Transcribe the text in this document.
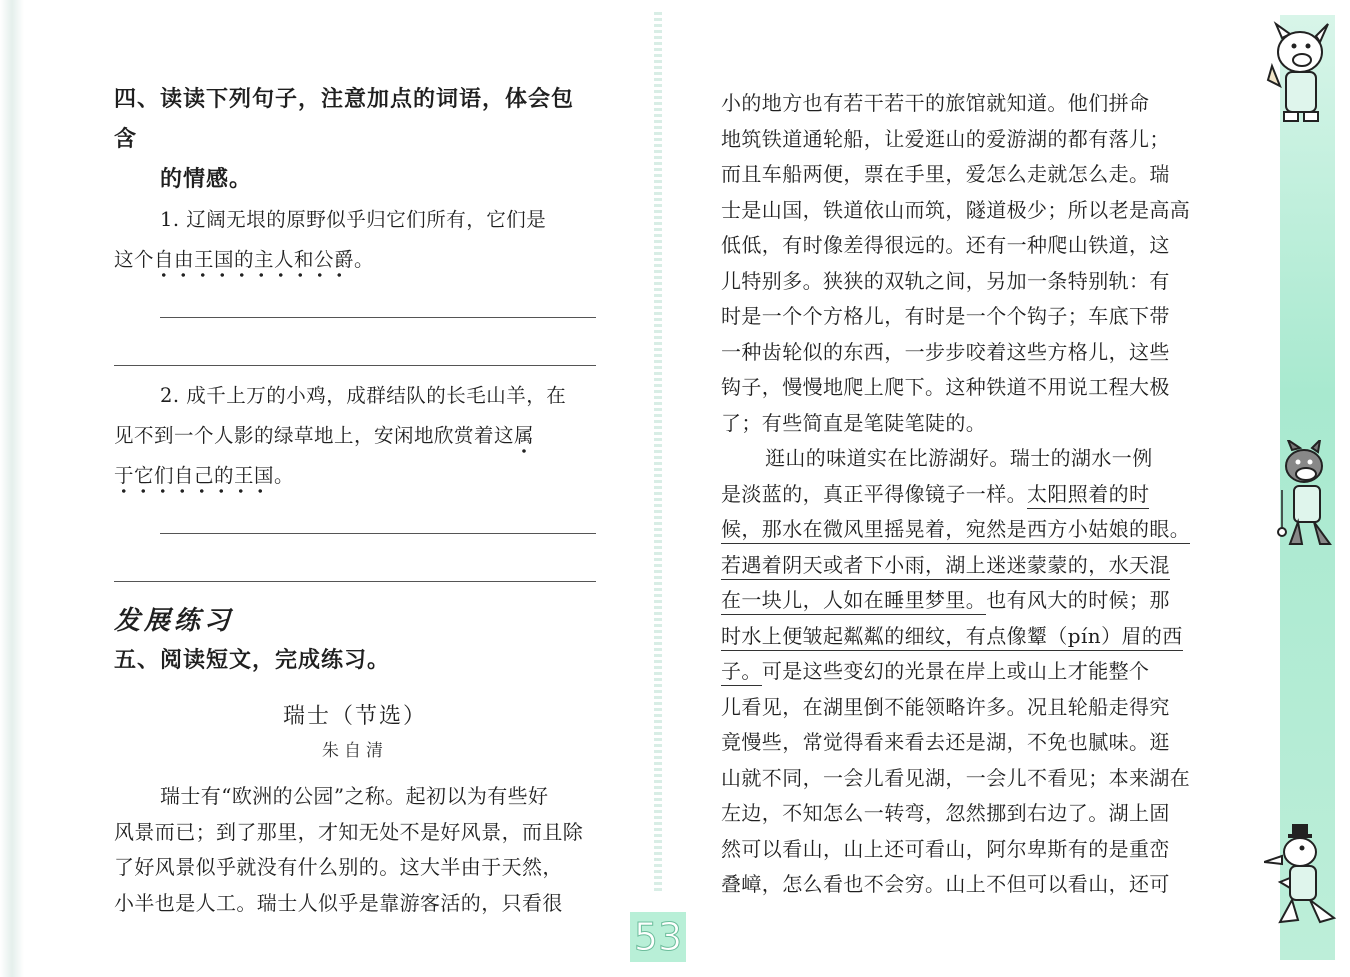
四、读读下列句子，注意加点的词语，体会包含
的情感。
1. 辽阔无垠的原野似乎归它们所有，它们是
这个自由王国的主人和公爵。
2. 成千上万的小鸡，成群结队的长毛山羊，在
见不到一个人影的绿草地上，安闲地欣赏着这属
于它们自己的王国。
发展练习
五、阅读短文，完成练习。
瑞士（节选）
朱自清
瑞士有“欧洲的公园”之称。起初以为有些好
风景而已；到了那里，才知无处不是好风景，而且除
了好风景似乎就没有什么别的。这大半由于天然，
小半也是人工。瑞士人似乎是靠游客活的，只看很
小的地方也有若干若干的旅馆就知道。他们拼命
地筑铁道通轮船，让爱逛山的爱游湖的都有落儿；
而且车船两便，票在手里，爱怎么走就怎么走。瑞
士是山国，铁道依山而筑，隧道极少；所以老是高高
低低，有时像差得很远的。还有一种爬山铁道，这
儿特别多。狭狭的双轨之间，另加一条特别轨：有
时是一个个方格儿，有时是一个个钩子；车底下带
一种齿轮似的东西，一步步咬着这些方格儿，这些
钩子，慢慢地爬上爬下。这种铁道不用说工程大极
了；有些简直是笔陡笔陡的。
逛山的味道实在比游湖好。瑞士的湖水一例
是淡蓝的，真正平得像镜子一样。太阳照着的时
候，那水在微风里摇晃着，宛然是西方小姑娘的眼。
若遇着阴天或者下小雨，湖上迷迷蒙蒙的，水天混
在一块儿，人如在睡里梦里。也有风大的时候；那
时水上便皱起粼粼的细纹，有点像颦（pín）眉的西
子。可是这些变幻的光景在岸上或山上才能整个
儿看见，在湖里倒不能领略许多。况且轮船走得究
竟慢些，常觉得看来看去还是湖，不免也腻味。逛
山就不同，一会儿看见湖，一会儿不看见；本来湖在
左边，不知怎么一转弯，忽然挪到右边了。湖上固
然可以看山，山上还可看山，阿尔卑斯有的是重峦
叠嶂，怎么看也不会穷。山上不但可以看山，还可
53
